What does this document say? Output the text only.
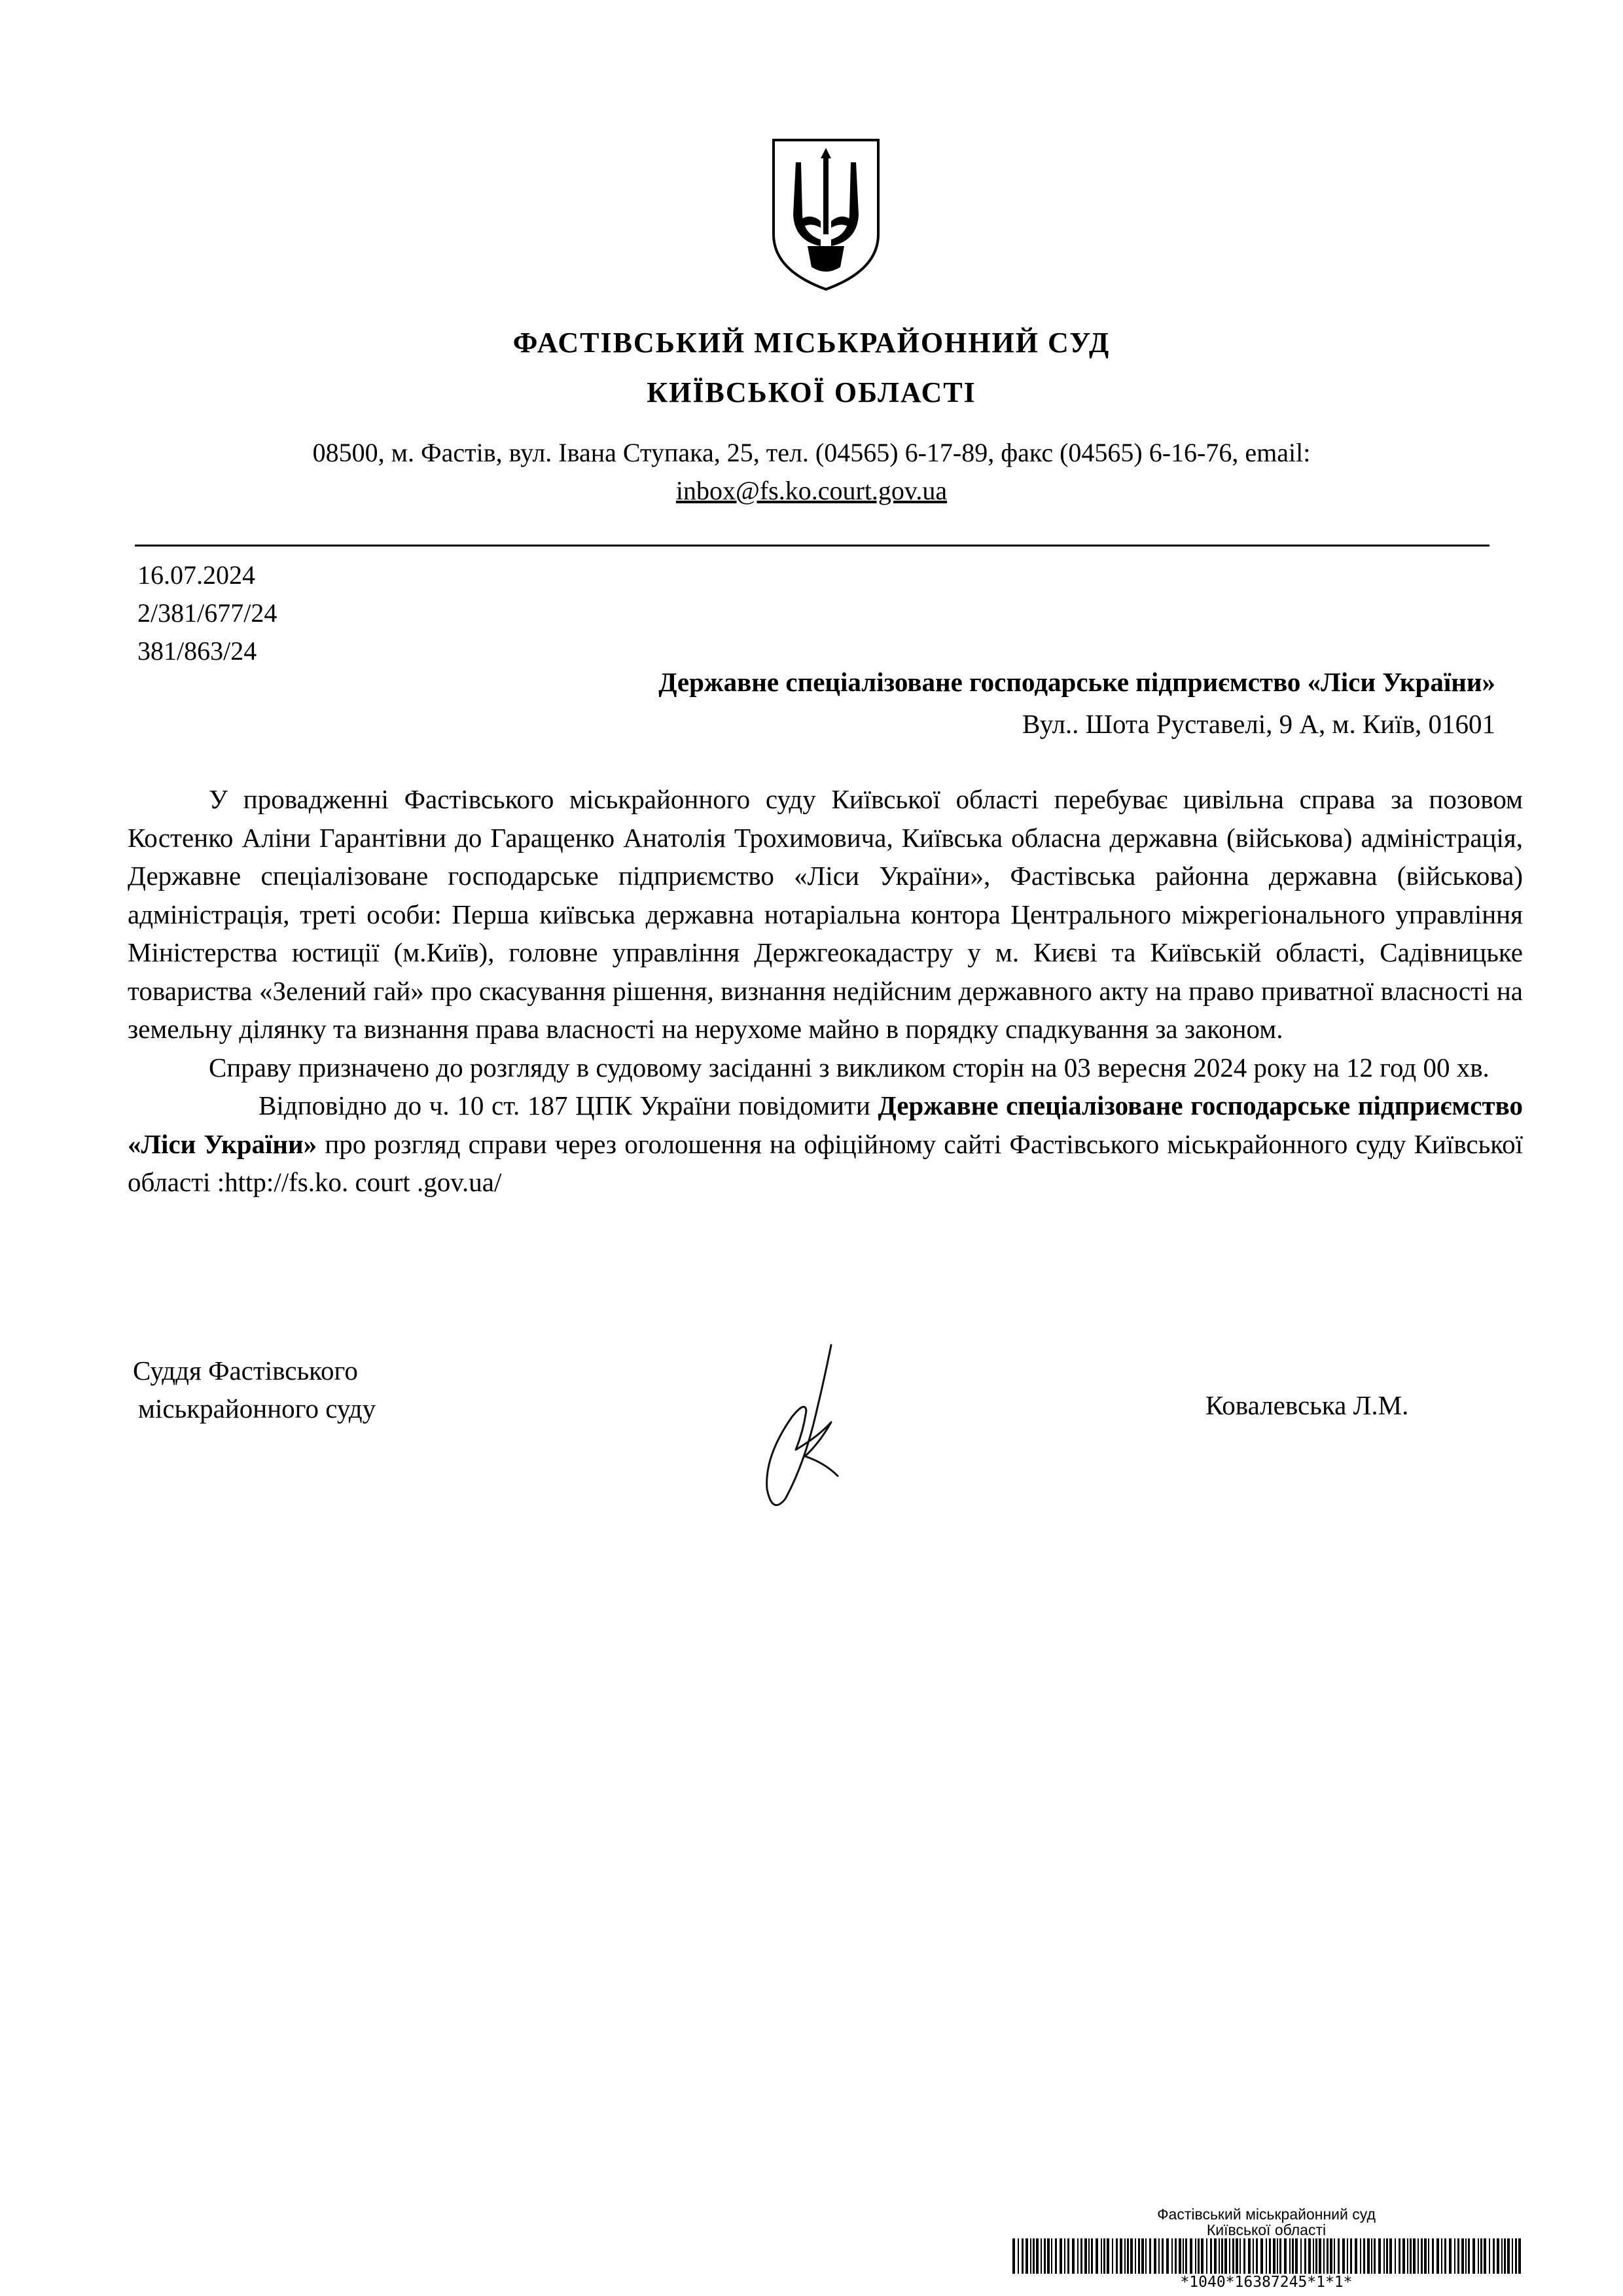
ФАСТІВСЬКИЙ МІСЬКРАЙОННИЙ СУД
КИЇВСЬКОЇ ОБЛАСТІ
08500, м. Фастів, вул. Івана Ступака, 25, тел. (04565) 6-17-89, факс (04565) 6-16-76, email:
inbox@fs.ko.court.gov.ua
16.07.2024
2/381/677/24
381/863/24
Державне спеціалізоване господарське підприємство «Ліси України»
Вул.. Шота Руставелі, 9 А, м. Київ, 01601

У провадженні Фастівського міськрайонного суду Київської області перебуває цивільна справа за позовом Костенко Аліни Гарантівни до Гаращенко Анатолія Трохимовича, Київська обласна державна (військова) адміністрація, Державне спеціалізоване господарське підприємство «Ліси України», Фастівська районна державна (військова) адміністрація, треті особи: Перша київська державна нотаріальна контора Центрального міжрегіонального управління Міністерства юстиції (м.Київ), головне управління Держгеокадастру у м. Києві та Київській області, Садівницьке товариства «Зелений гай» про скасування рішення, визнання недійсним державного акту на право приватної власності на земельну ділянку та визнання права власності на нерухоме майно в порядку спадкування за законом.

Справу призначено до розгляду в судовому засіданні з викликом сторін на 03 вересня 2024 року на 12 год 00 хв.

Відповідно до ч. 10 ст. 187 ЦПК України повідомити Державне спеціалізоване господарське підприємство «Ліси України» про розгляд справи через оголошення на офіційному сайті Фастівського міськрайонного суду Київської області :http://fs.ko. court .gov.ua/

Суддя Фастівського
міськрайонного суду	Ковалевська Л.М.
Фастівський міськрайонний суд
Київської області
*1040*16387245*1*1*
